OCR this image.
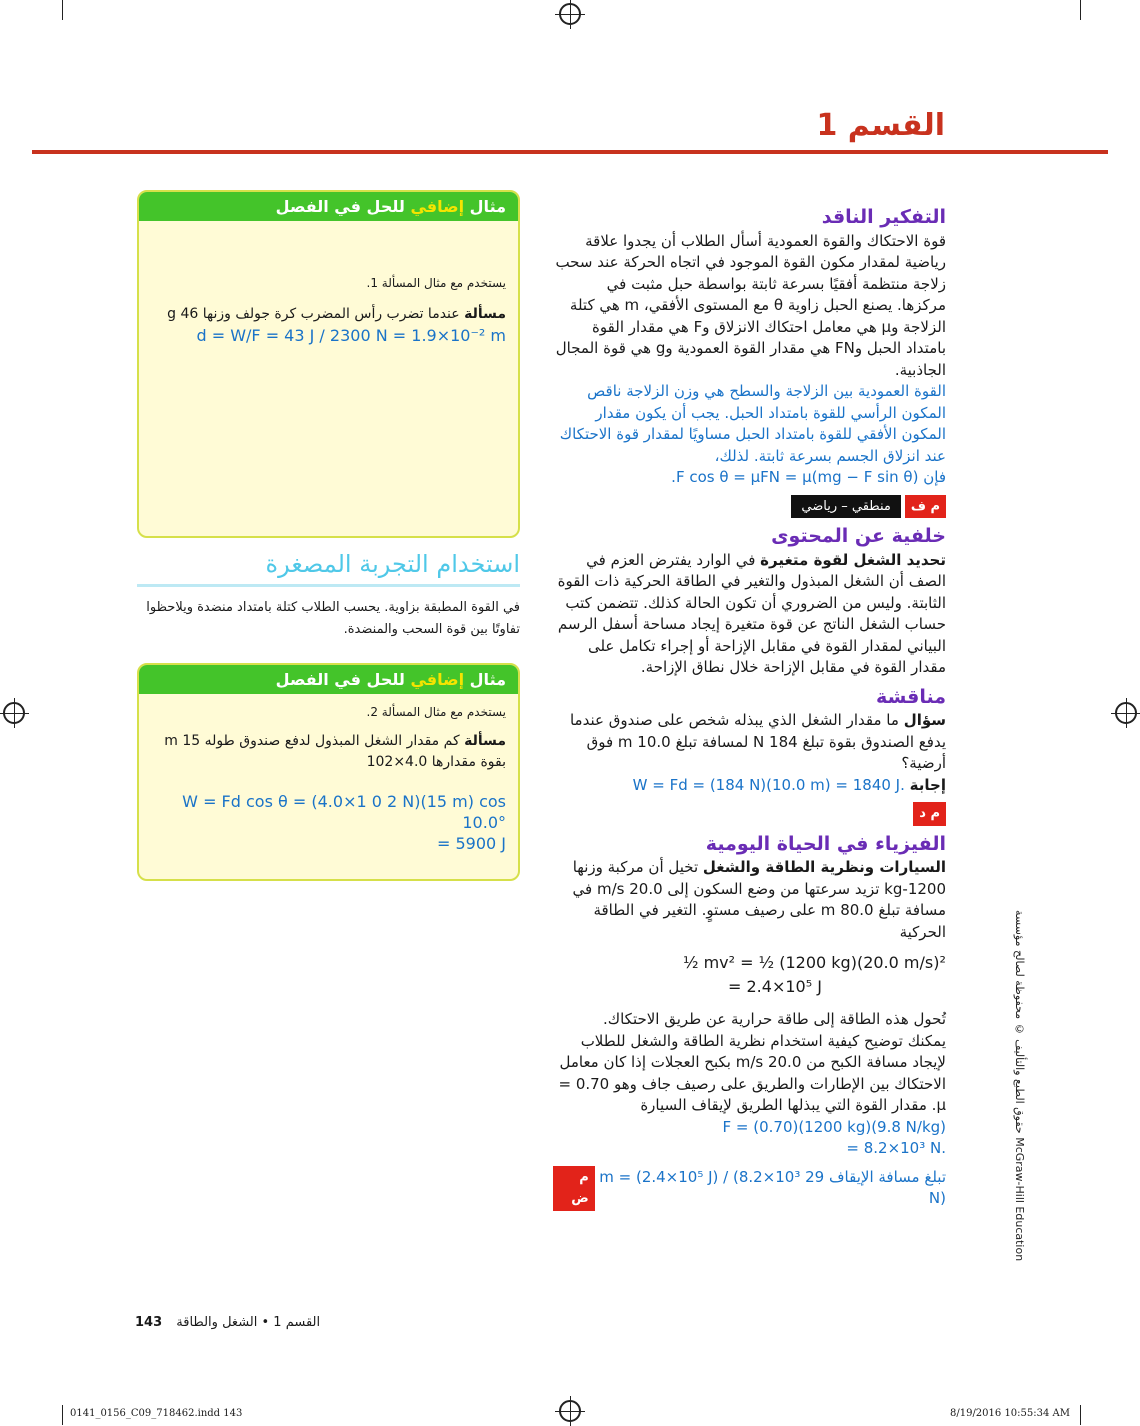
القسم 1
التفكير الناقد

قوة الاحتكاك والقوة العمودية أسأل الطلاب أن يجدوا علاقة رياضية لمقدار مكون القوة الموجود في اتجاه الحركة عند سحب زلاجة منتظمة أفقيًا بسرعة ثابتة بواسطة حبل مثبت في مركزها. يصنع الحبل زاوية θ مع المستوى الأفقي، m هي كتلة الزلاجة وμ هي معامل احتكاك الانزلاق وF هي مقدار القوة بامتداد الحبل وFN هي مقدار القوة العمودية وg هي قوة المجال الجاذبية.

القوة العمودية بين الزلاجة والسطح هي وزن الزلاجة ناقص المكون الرأسي للقوة بامتداد الحبل. يجب أن يكون مقدار المكون الأفقي للقوة بامتداد الحبل مساويًا لمقدار قوة الاحتكاك عند انزلاق الجسم بسرعة ثابتة. لذلك،

فإن (F cos θ = μFN = μ(mg − F sin θ.

م ف
منطقي – رياضي
خلفية عن المحتوى

تحديد الشغل لقوة متغيرة في الوارد يفترض العزم في الصف أن الشغل المبذول والتغير في الطاقة الحركية ذات القوة الثابتة. وليس من الضروري أن تكون الحالة كذلك. تتضمن كتب حساب الشغل الناتج عن قوة متغيرة إيجاد مساحة أسفل الرسم البياني لمقدار القوة في مقابل الإزاحة أو إجراء تكامل على مقدار القوة في مقابل الإزاحة خلال نطاق الإزاحة.

مناقشة

سؤال ما مقدار الشغل الذي يبذله شخص على صندوق عندما يدفع الصندوق بقوة تبلغ N 184 لمسافة تبلغ m 10.0 فوق أرضية؟

إجابة .W = Fd = (184 N)(10.0 m) = 1840 J

م د
الفيزياء في الحياة اليومية

السيارات ونظرية الطاقة والشغل تخيل أن مركبة وزنها 1200-kg تزيد سرعتها من وضع السكون إلى 20.0 m/s في مسافة تبلغ 80.0 m على رصيف مستوٍ. التغير في الطاقة الحركية

½ mv² = ½ (1200 kg)(20.0 m/s)²
= 2.4×10⁵ J

تُحول هذه الطاقة إلى طاقة حرارية عن طريق الاحتكاك.

يمكنك توضيح كيفية استخدام نظرية الطاقة والشغل للطلاب لإيجاد مسافة الكبح من 20.0 m/s بكبح العجلات إذا كان معامل الاحتكاك بين الإطارات والطريق على رصيف جاف وهو 0.70 = μ. مقدار القوة التي يبذلها الطريق لإيقاف السيارة

F = (0.70)(1200 kg)(9.8 N/kg)

= 8.2×10³ N.

تبلغ مسافة الإيقاف 29 m = (2.4×10⁵ J) / (8.2×10³ N)
م ض
مثال إضافي للحل في الفصل
يستخدم مع مثال المسألة 1.
مسألة عندما تضرب رأس المضرب كرة جولف وزنها 46 g
d = W/F = 43 J / 2300 N = 1.9×10⁻² m
استخدام التجربة المصغرة

في القوة المطبقة بزاوية. يحسب الطلاب كتلة بامتداد منضدة ويلاحظوا تفاوتًا بين قوة السحب والمنضدة.

مثال إضافي للحل في الفصل
يستخدم مع مثال المسألة 2.
مسألة كم مقدار الشغل المبذول لدفع صندوق طوله m 15 بقوة مقدارها 4.0×102
W = Fd cos θ = (4.0×1 0 2 N)(15 m) cos 10.0°
= 5900 J
143 القسم 1 • الشغل والطاقة
حقوق الطبع والتأليف © محفوظة لصالح مؤسسة McGraw-Hill Education
0141_0156_C09_718462.indd 143	8/19/2016 10:55:34 AM
